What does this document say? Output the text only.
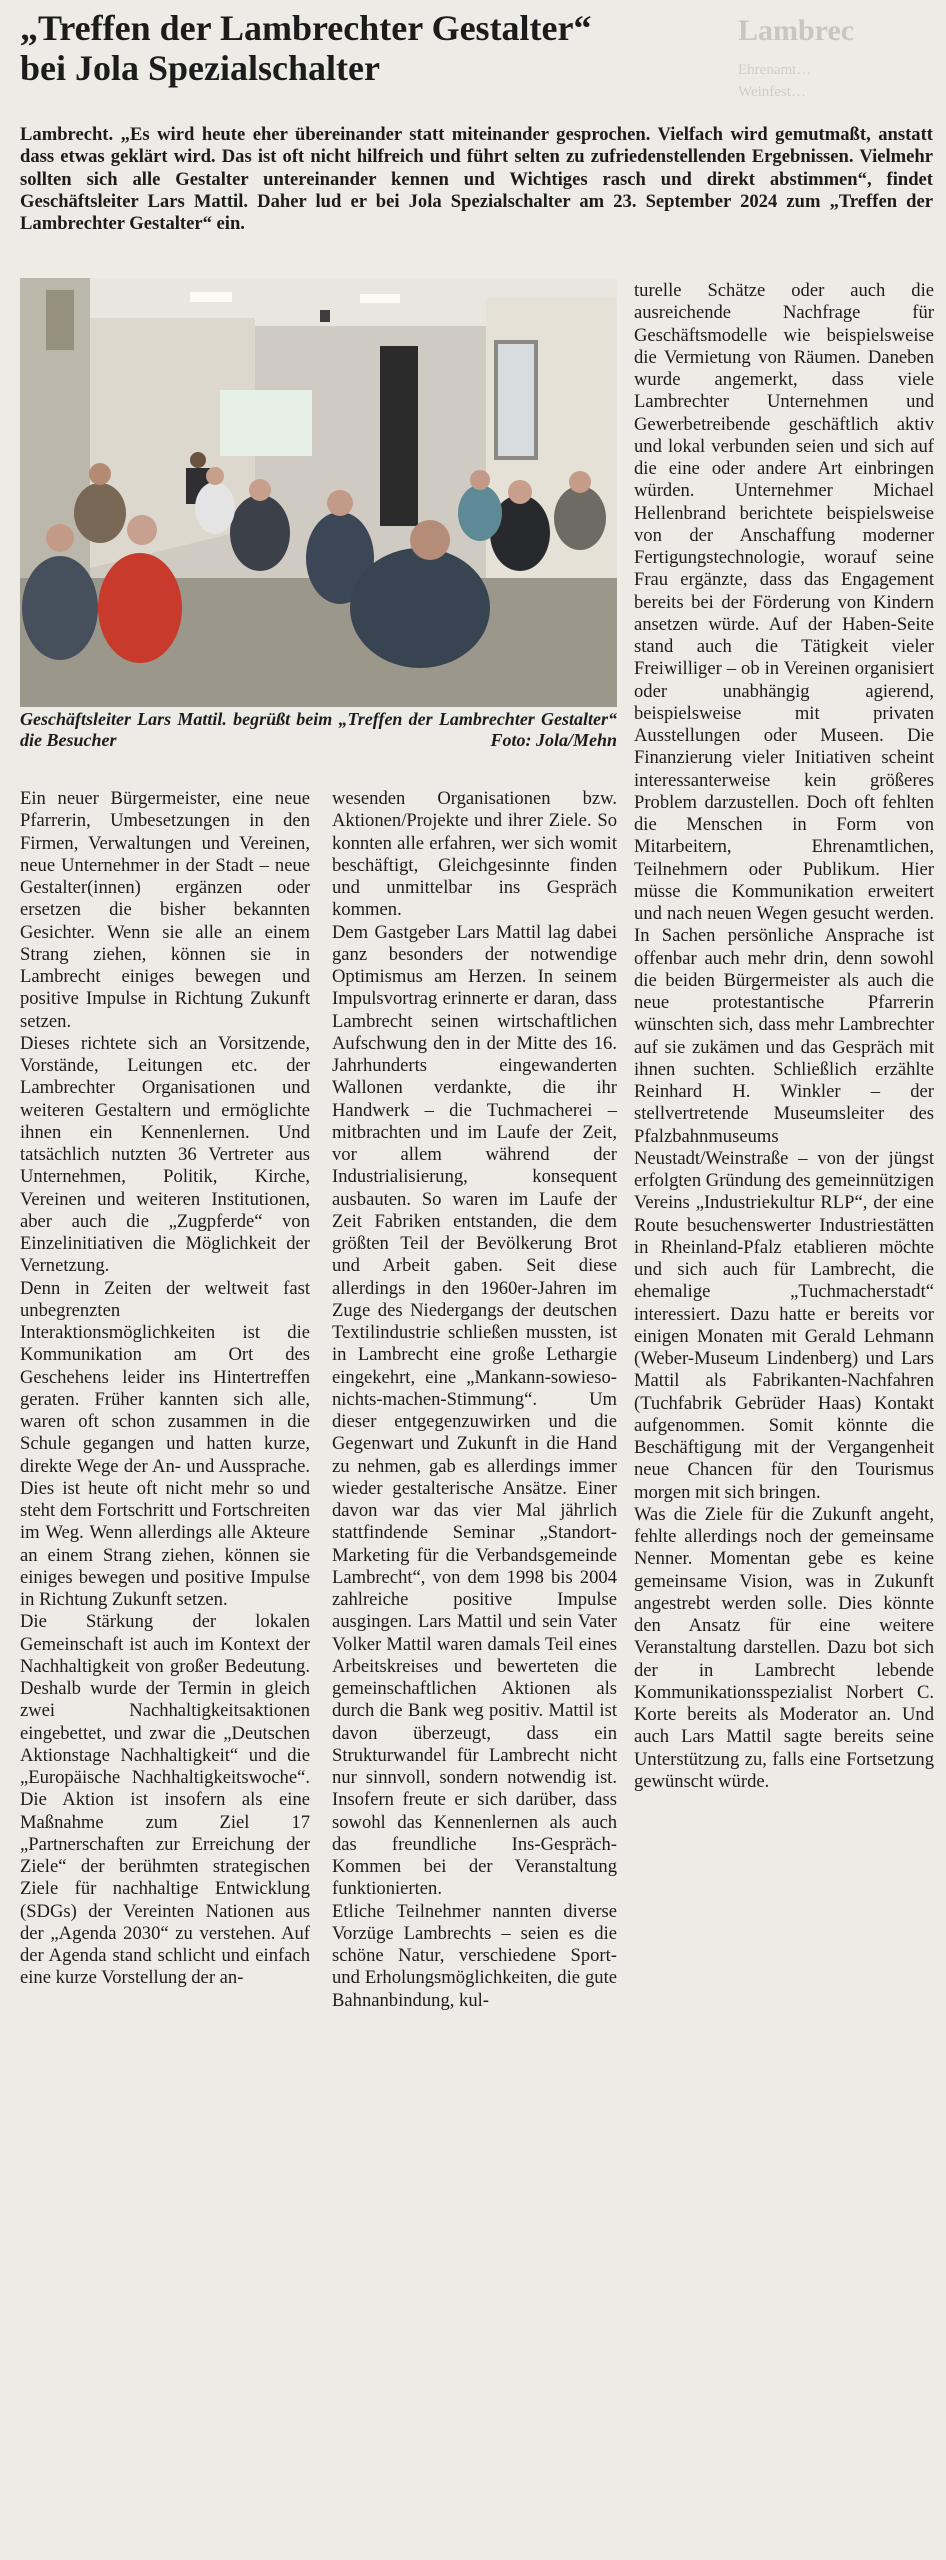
„Treffen der Lambrechter Gestalter“
bei Jola Spezialschalter
Lambrec
Ehrenamt…
Weinfest…
Lambrecht. „Es wird heute eher übereinander statt miteinander gesprochen. Vielfach wird gemutmaßt, anstatt dass etwas geklärt wird. Das ist oft nicht hilfreich und führt selten zu zufriedenstellenden Ergebnissen. Vielmehr sollten sich alle Gestalter untereinander kennen und Wichtiges rasch und direkt abstimmen“, findet Geschäftsleiter Lars Mattil. Daher lud er bei Jola Spezialschalter am 23. September 2024 zum „Treffen der Lambrechter Gestalter“ ein.
Geschäftsleiter Lars Mattil. begrüßt beim „Treffen der Lambrechter Gestalter“ die Besucher	Foto: Jola/Mehn

Ein neuer Bürgermeister, eine neue Pfarrerin, Umbesetzungen in den Firmen, Verwaltungen und Vereinen, neue Unternehmer in der Stadt – neue Gestalter(innen) ergänzen oder ersetzen die bisher bekannten Gesichter. Wenn sie alle an einem Strang ziehen, können sie in Lambrecht einiges bewegen und positive Impulse in Richtung Zukunft setzen.

Dieses richtete sich an Vorsitzende, Vorstände, Leitungen etc. der Lambrechter Organisationen und weiteren Gestaltern und ermöglichte ihnen ein Kennenlernen. Und tatsächlich nutzten 36 Vertreter aus Unternehmen, Politik, Kirche, Vereinen und weiteren Institutionen, aber auch die „Zugpferde“ von Einzelinitiativen die Möglichkeit der Vernetzung.

Denn in Zeiten der weltweit fast unbegrenzten Interaktionsmöglichkeiten ist die Kommunikation am Ort des Geschehens leider ins Hintertreffen geraten. Früher kannten sich alle, waren oft schon zusammen in die Schule gegangen und hatten kurze, direkte Wege der An- und Aussprache. Dies ist heute oft nicht mehr so und steht dem Fortschritt und Fortschreiten im Weg. Wenn allerdings alle Akteure an einem Strang ziehen, können sie einiges bewegen und positive Impulse in Richtung Zukunft setzen.

Die Stärkung der lokalen Gemeinschaft ist auch im Kontext der Nachhaltigkeit von großer Bedeutung. Deshalb wurde der Termin in gleich zwei Nachhaltigkeitsaktionen eingebettet, und zwar die „Deutschen Aktionstage Nachhaltigkeit“ und die „Europäische Nachhaltigkeitswoche“. Die Aktion ist insofern als eine Maßnahme zum Ziel 17 „Partnerschaften zur Erreichung der Ziele“ der berühmten strategischen Ziele für nachhaltige Entwicklung (SDGs) der Vereinten Nationen aus der „Agenda 2030“ zu verstehen. Auf der Agenda stand schlicht und einfach eine kurze Vorstellung der an-

wesenden Organisationen bzw. Aktionen/Projekte und ihrer Ziele. So konnten alle erfahren, wer sich womit beschäftigt, Gleichgesinnte finden und unmittelbar ins Gespräch kommen.

Dem Gastgeber Lars Mattil lag dabei ganz besonders der notwendige Optimismus am Herzen. In seinem Impulsvortrag erinnerte er daran, dass Lambrecht seinen wirtschaftlichen Aufschwung den in der Mitte des 16. Jahrhunderts eingewanderten Wallonen verdankte, die ihr Handwerk – die Tuchmacherei – mitbrachten und im Laufe der Zeit, vor allem während der Industrialisierung, konsequent ausbauten. So waren im Laufe der Zeit Fabriken entstanden, die dem größten Teil der Bevölkerung Brot und Arbeit gaben. Seit diese allerdings in den 1960er-Jahren im Zuge des Niedergangs der deutschen Textilindustrie schließen mussten, ist in Lambrecht eine große Lethargie eingekehrt, eine „Mankann-sowieso-nichts-machen-Stimmung“. Um dieser entgegenzuwirken und die Gegenwart und Zukunft in die Hand zu nehmen, gab es allerdings immer wieder gestalterische Ansätze. Einer davon war das vier Mal jährlich stattfindende Seminar „Standort-Marketing für die Verbandsgemeinde Lambrecht“, von dem 1998 bis 2004 zahlreiche positive Impulse ausgingen. Lars Mattil und sein Vater Volker Mattil waren damals Teil eines Arbeitskreises und bewerteten die gemeinschaftlichen Aktionen als durch die Bank weg positiv. Mattil ist davon überzeugt, dass ein Strukturwandel für Lambrecht nicht nur sinnvoll, sondern notwendig ist. Insofern freute er sich darüber, dass sowohl das Kennenlernen als auch das freundliche Ins-Gespräch-Kommen bei der Veranstaltung funktionierten.

Etliche Teilnehmer nannten diverse Vorzüge Lambrechts – seien es die schöne Natur, verschiedene Sport- und Erholungsmöglichkeiten, die gute Bahnanbindung, kul-

turelle Schätze oder auch die ausreichende Nachfrage für Geschäftsmodelle wie beispielsweise die Vermietung von Räumen. Daneben wurde angemerkt, dass viele Lambrechter Unternehmen und Gewerbetreibende geschäftlich aktiv und lokal verbunden seien und sich auf die eine oder andere Art einbringen würden. Unternehmer Michael Hellenbrand berichtete beispielsweise von der Anschaffung moderner Fertigungstechnologie, worauf seine Frau ergänzte, dass das Engagement bereits bei der Förderung von Kindern ansetzen würde. Auf der Haben-Seite stand auch die Tätigkeit vieler Freiwilliger – ob in Vereinen organisiert oder unabhängig agierend, beispielsweise mit privaten Ausstellungen oder Museen. Die Finanzierung vieler Initiativen scheint interessanterweise kein größeres Problem darzustellen. Doch oft fehlten die Menschen in Form von Mitarbeitern, Ehrenamtlichen, Teilnehmern oder Publikum. Hier müsse die Kommunikation erweitert und nach neuen Wegen gesucht werden. In Sachen persönliche Ansprache ist offenbar auch mehr drin, denn sowohl die beiden Bürgermeister als auch die neue protestantische Pfarrerin wünschten sich, dass mehr Lambrechter auf sie zukämen und das Gespräch mit ihnen suchten. Schließlich erzählte Reinhard H. Winkler – der stellvertretende Museumsleiter des Pfalzbahnmuseums Neustadt/Weinstraße – von der jüngst erfolgten Gründung des gemeinnützigen Vereins „Industriekultur RLP“, der eine Route besuchenswerter Industriestätten in Rheinland-Pfalz etablieren möchte und sich auch für Lambrecht, die ehemalige „Tuchmacherstadt“ interessiert. Dazu hatte er bereits vor einigen Monaten mit Gerald Lehmann (Weber-Museum Lindenberg) und Lars Mattil als Fabrikanten-Nachfahren (Tuchfabrik Gebrüder Haas) Kontakt aufgenommen. Somit könnte die Beschäftigung mit der Vergangenheit neue Chancen für den Tourismus morgen mit sich bringen.

Was die Ziele für die Zukunft angeht, fehlte allerdings noch der gemeinsame Nenner. Momentan gebe es keine gemeinsame Vision, was in Zukunft angestrebt werden solle. Dies könnte den Ansatz für eine weitere Veranstaltung darstellen. Dazu bot sich der in Lambrecht lebende Kommunikationsspezialist Norbert C. Korte bereits als Moderator an. Und auch Lars Mattil sagte bereits seine Unterstützung zu, falls eine Fortsetzung gewünscht würde.
